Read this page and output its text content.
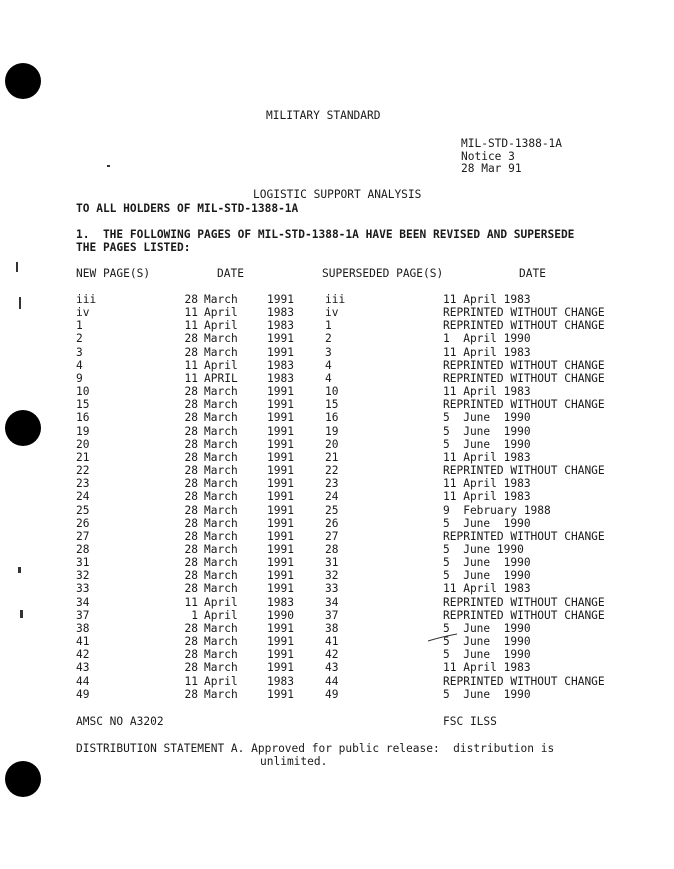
MILITARY STANDARD
MIL-STD-1388-1A
Notice 3
28 Mar 91
LOGISTIC SUPPORT ANALYSIS
TO ALL HOLDERS OF MIL-STD-1388-1A
1.  THE FOLLOWING PAGES OF MIL-STD-1388-1A HAVE BEEN REVISED AND SUPERSEDE
THE PAGES LISTED:
NEW PAGE(S)	DATE	SUPERSEDED PAGE(S)	DATE
iii	28 March	1991	iii	11 April 1983
iv	11 April	1983	iv	REPRINTED WITHOUT CHANGE
1	11 April	1983	1	REPRINTED WITHOUT CHANGE
2	28 March	1991	2	1  April 1990
3	28 March	1991	3	11 April 1983
4	11 April	1983	4	REPRINTED WITHOUT CHANGE
9	11 APRIL	1983	4	REPRINTED WITHOUT CHANGE
10	28 March	1991	10	11 April 1983
15	28 March	1991	15	REPRINTED WITHOUT CHANGE
16	28 March	1991	16	5  June  1990
19	28 March	1991	19	5  June  1990
20	28 March	1991	20	5  June  1990
21	28 March	1991	21	11 April 1983
22	28 March	1991	22	REPRINTED WITHOUT CHANGE
23	28 March	1991	23	11 April 1983
24	28 March	1991	24	11 April 1983
25	28 March	1991	25	9  February 1988
26	28 March	1991	26	5  June  1990
27	28 March	1991	27	REPRINTED WITHOUT CHANGE
28	28 March	1991	28	5  June 1990
31	28 March	1991	31	5  June  1990
32	28 March	1991	32	5  June  1990
33	28 March	1991	33	11 April 1983
34	11 April	1983	34	REPRINTED WITHOUT CHANGE
37	1 April	1990	37	REPRINTED WITHOUT CHANGE
38	28 March	1991	38	5  June  1990
41	28 March	1991	41	5  June  1990
42	28 March	1991	42	5  June  1990
43	28 March	1991	43	11 April 1983
44	11 April	1983	44	REPRINTED WITHOUT CHANGE
49	28 March	1991	49	5  June  1990
AMSC NO A3202	FSC ILSS
DISTRIBUTION STATEMENT A. Approved for public release:  distribution is
unlimited.
